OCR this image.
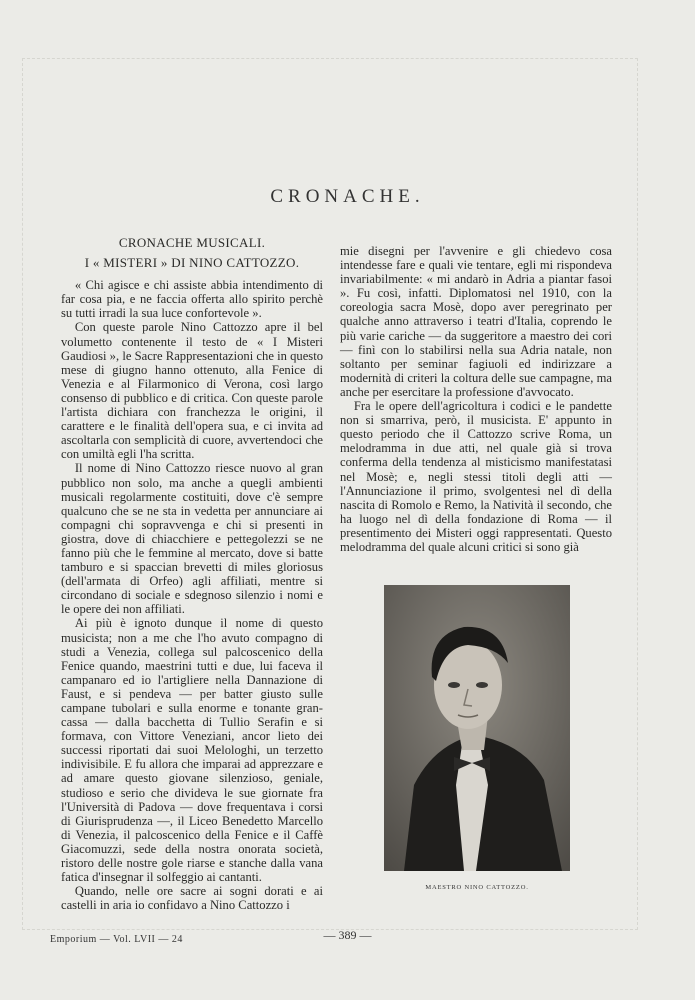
CRONACHE.
CRONACHE MUSICALI.
I « MISTERI » DI NINO CATTOZZO.

« Chi agisce e chi assiste abbia intendimento di far cosa pia, e ne faccia offerta allo spirito perchè su tutti irradi la sua luce confortevole ».

Con queste parole Nino Cattozzo apre il bel volumetto contenente il testo de « I Misteri Gaudiosi », le Sacre Rappresentazioni che in questo mese di giugno hanno ottenuto, alla Fenice di Venezia e al Filarmonico di Verona, così largo consenso di pubblico e di critica. Con queste parole l'artista dichiara con franchezza le origini, il carattere e le finalità dell'opera sua, e ci invita ad ascoltarla con semplicità di cuore, avvertendoci che con umiltà egli l'ha scritta.

Il nome di Nino Cattozzo riesce nuovo al gran pubblico non solo, ma anche a quegli ambienti musicali regolarmente costituiti, dove c'è sempre qualcuno che se ne sta in vedetta per annunciare ai compagni chi sopravvenga e chi si presenti in giostra, dove di chiacchiere e pettegolezzi se ne fanno più che le femmine al mercato, dove si batte tamburo e si spaccian brevetti di miles gloriosus (dell'armata di Orfeo) agli affiliati, mentre si circondano di sociale e sdegnoso silenzio i nomi e le opere dei non affiliati.

Ai più è ignoto dunque il nome di questo musicista; non a me che l'ho avuto compagno di studi a Venezia, collega sul palcoscenico della Fenice quando, maestrini tutti e due, lui faceva il campanaro ed io l'artigliere nella Dannazione di Faust, e si pendeva — per batter giusto sulle campane tubolari e sulla enorme e tonante gran-cassa — dalla bacchetta di Tullio Serafin e si formava, con Vittore Veneziani, ancor lieto dei successi riportati dai suoi Melologhi, un terzetto indivisibile. E fu allora che imparai ad apprezzare e ad amare questo giovane silenzioso, geniale, studioso e serio che divideva le sue giornate fra l'Università di Padova — dove frequentava i corsi di Giurisprudenza —, il Liceo Benedetto Marcello di Venezia, il palcoscenico della Fenice e il Caffè Giacomuzzi, sede della nostra onorata società, ristoro delle nostre gole riarse e stanche dalla vana fatica d'insegnar il solfeggio ai cantanti.

Quando, nelle ore sacre ai sogni dorati e ai castelli in aria io confidavo a Nino Cattozzo i

mie disegni per l'avvenire e gli chiedevo cosa intendesse fare e quali vie tentare, egli mi rispondeva invariabilmente: « mi andarò in Adria a piantar fasoi ». Fu così, infatti. Diplomatosi nel 1910, con la coreologia sacra Mosè, dopo aver peregrinato per qualche anno attraverso i teatri d'Italia, coprendo le più varie cariche — da suggeritore a maestro dei cori — finì con lo stabilirsi nella sua Adria natale, non soltanto per seminar fagiuoli ed indirizzare a modernità di criteri la coltura delle sue campagne, ma anche per esercitare la professione d'avvocato.

Fra le opere dell'agricoltura i codici e le pandette non si smarriva, però, il musicista. E' appunto in questo periodo che il Cattozzo scrive Roma, un melodramma in due atti, nel quale già si trova conferma della tendenza al misticismo manifestatasi nel Mosè; e, negli stessi titoli degli atti — l'Annunciazione il primo, svolgentesi nel dì della nascita di Romolo e Remo, la Natività il secondo, che ha luogo nel dì della fondazione di Roma — il presentimento dei Misteri oggi rappresentati. Questo melodramma del quale alcuni critici si sono già

MAESTRO NINO CATTOZZO.
Emporium — Vol. LVII — 24	— 389 —
